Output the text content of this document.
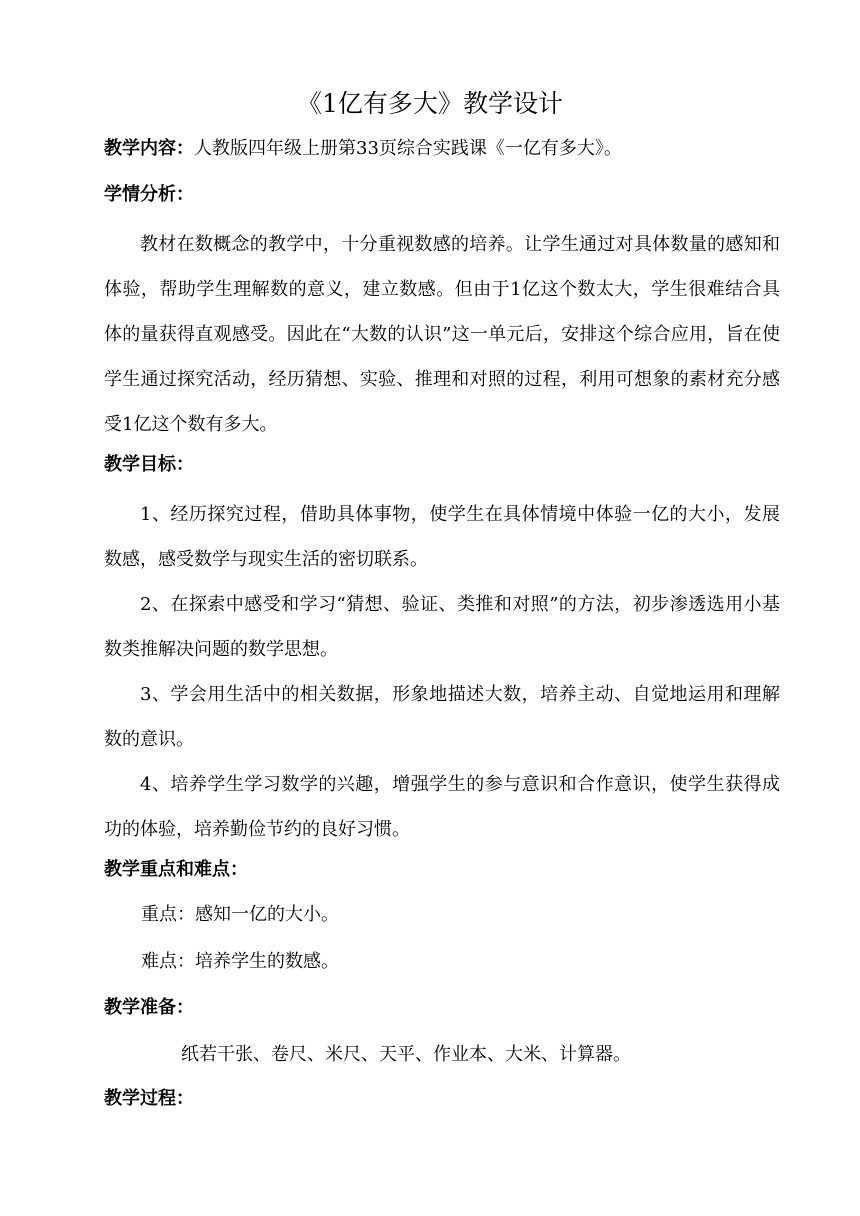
《1亿有多大》教学设计
教学内容：人教版四年级上册第33页综合实践课《一亿有多大》。
学情分析：
教材在数概念的教学中，十分重视数感的培养。让学生通过对具体数量的感知和体验，帮助学生理解数的意义，建立数感。但由于1亿这个数太大，学生很难结合具体的量获得直观感受。因此在“大数的认识”这一单元后，安排这个综合应用，旨在使学生通过探究活动，经历猜想、实验、推理和对照的过程，利用可想象的素材充分感受1亿这个数有多大。
教学目标：
1、经历探究过程，借助具体事物，使学生在具体情境中体验一亿的大小，发展数感，感受数学与现实生活的密切联系。
2、在探索中感受和学习“猜想、验证、类推和对照”的方法，初步渗透选用小基数类推解决问题的数学思想。
3、学会用生活中的相关数据，形象地描述大数，培养主动、自觉地运用和理解数的意识。
4、培养学生学习数学的兴趣，增强学生的参与意识和合作意识，使学生获得成功的体验，培养勤俭节约的良好习惯。
教学重点和难点：
重点：感知一亿的大小。
难点：培养学生的数感。
教学准备：
纸若干张、卷尺、米尺、天平、作业本、大米、计算器。
教学过程：
